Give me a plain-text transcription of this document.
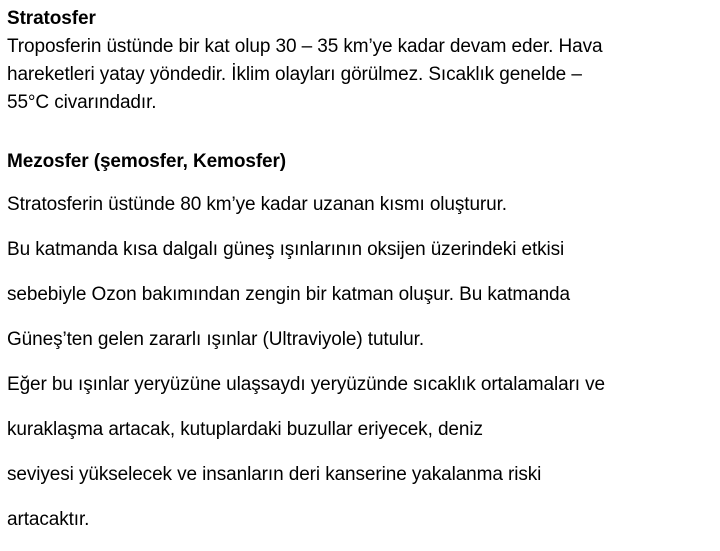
Stratosfer
Troposferin üstünde bir kat olup 30 – 35 km’ye kadar devam eder. Hava
hareketleri yatay yöndedir. İklim olayları görülmez. Sıcaklık genelde –
55°C civarındadır.
Mezosfer (şemosfer, Kemosfer)
Stratosferin üstünde 80 km’ye kadar uzanan kısmı oluşturur.
Bu katmanda kısa dalgalı güneş ışınlarının oksijen üzerindeki etkisi
sebebiyle Ozon bakımından zengin bir katman oluşur. Bu katmanda
Güneş’ten gelen zararlı ışınlar (Ultraviyole) tutulur.
Eğer bu ışınlar yeryüzüne ulaşsaydı yeryüzünde sıcaklık ortalamaları ve
kuraklaşma artacak, kutuplardaki buzullar eriyecek, deniz
seviyesi yükselecek ve insanların deri kanserine yakalanma riski
artacaktır.
